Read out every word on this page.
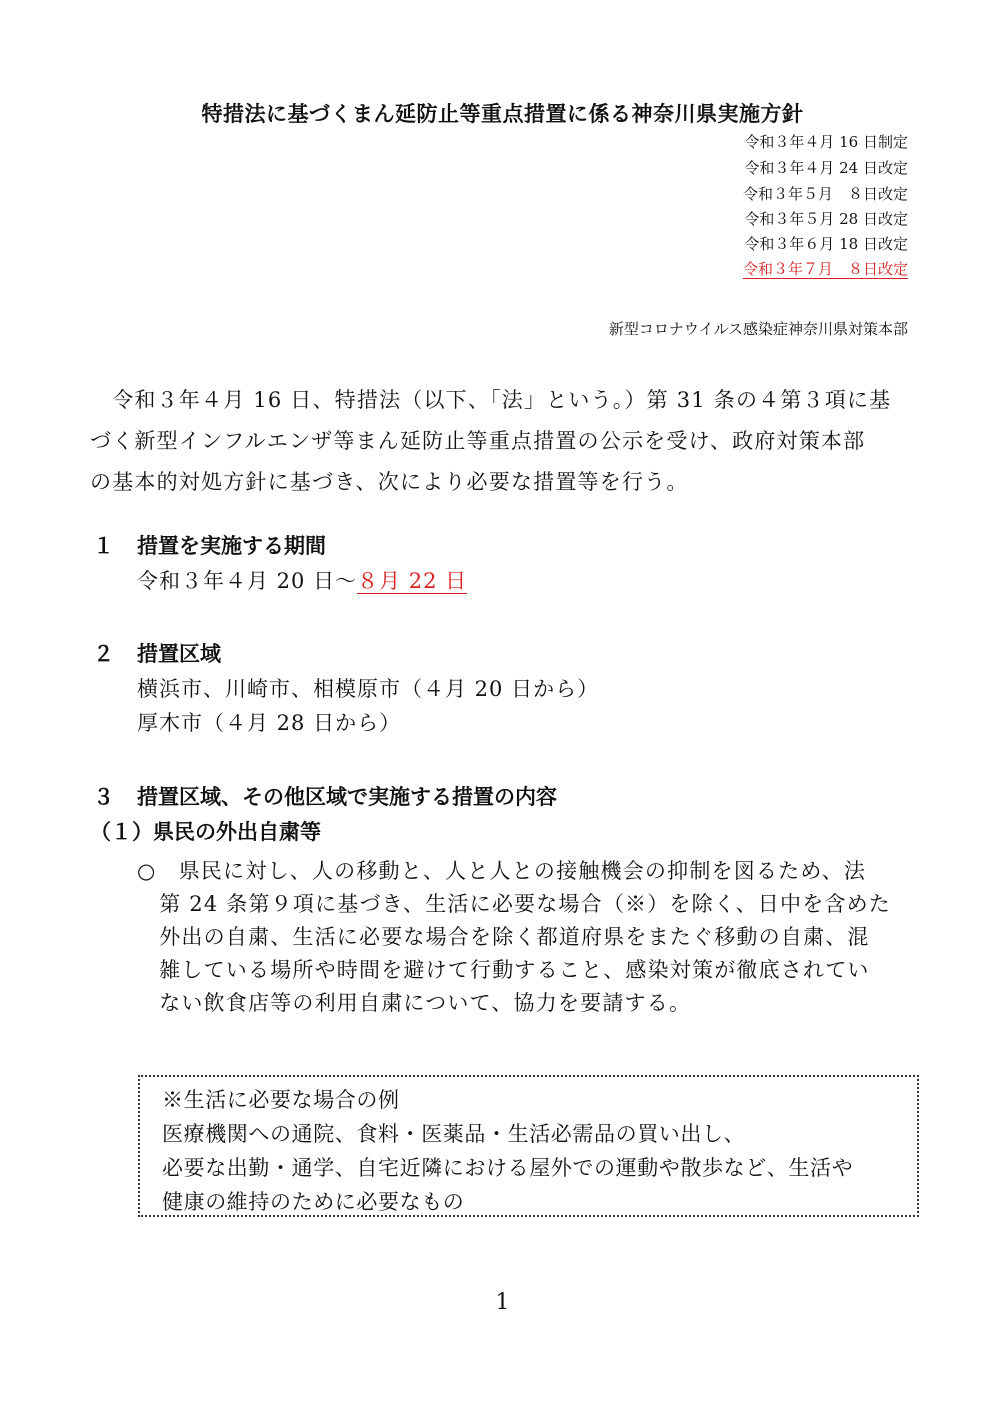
特措法に基づくまん延防止等重点措置に係る神奈川県実施方針
令和３年４月 16 日制定
令和３年４月 24 日改定
令和３年５月　８日改定
令和３年５月 28 日改定
令和３年６月 18 日改定
令和３年７月　８日改定
新型コロナウイルス感染症神奈川県対策本部

　令和３年４月 16 日、特措法（以下、「法」という。）第 31 条の４第３項に基

づく新型インフルエンザ等まん延防止等重点措置の公示を受け、政府対策本部

の基本的対処方針に基づき、次により必要な措置等を行う。

１ 措置を実施する期間
令和３年４月 20 日～８月 22 日
２ 措置区域
横浜市、川崎市、相模原市（４月 20 日から）
厚木市（４月 28 日から）
３ 措置区域、その他区域で実施する措置の内容
（１）県民の外出自粛等

○　県民に対し、人の移動と、人と人との接触機会の抑制を図るため、法

　第 24 条第９項に基づき、生活に必要な場合（※）を除く、日中を含めた

　外出の自粛、生活に必要な場合を除く都道府県をまたぐ移動の自粛、混

　雑している場所や時間を避けて行動すること、感染対策が徹底されてい

　ない飲食店等の利用自粛について、協力を要請する。

※生活に必要な場合の例

医療機関への通院、食料・医薬品・生活必需品の買い出し、

必要な出勤・通学、自宅近隣における屋外での運動や散歩など、生活や

健康の維持のために必要なもの

1
